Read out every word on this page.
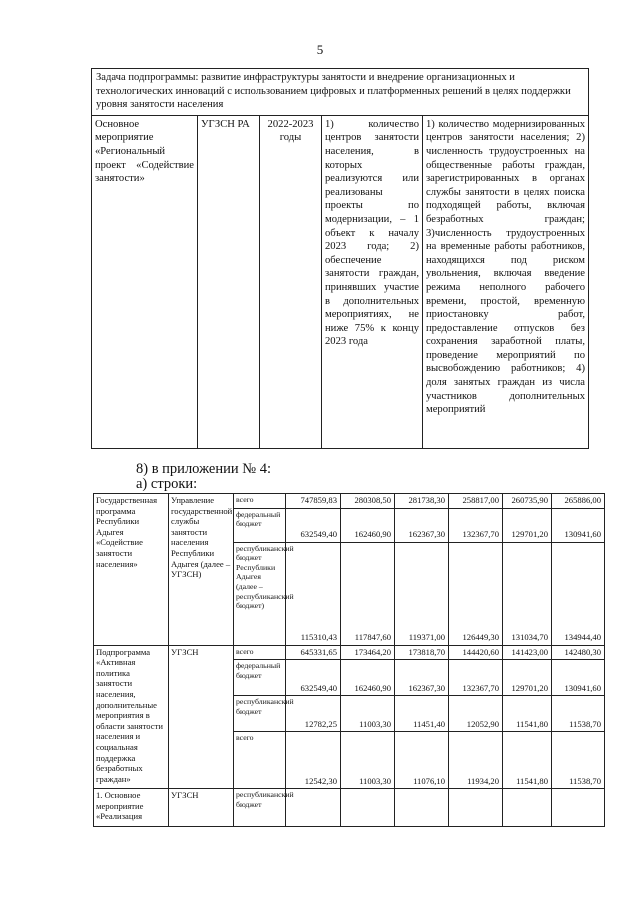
5
Задача подпрограммы: развитие инфраструктуры занятости и внедрение организационных и технологических инноваций с использованием цифровых и платформенных решений в целях поддержки уровня занятости населения
Основное мероприятие «Региональный проект «Содействие занятости»	УГЗСН РА	2022-2023 годы	1) количество центров занятости населения, в которых реализуются или реализованы проекты по модернизации, – 1 объект к началу 2023 года; 2) обеспечение занятости граждан, принявших участие в дополнительных мероприятиях, не ниже 75% к концу 2023 года	1) количество модернизированных центров занятости населения; 2) численность трудоустроенных на общественные работы граждан, зарегистрированных в органах службы занятости в целях поиска подходящей работы, включая безработных граждан; 3)численность трудоустроенных на временные работы работников, находящихся под риском увольнения, включая введение режима неполного рабочего времени, простой, временную приостановку работ, предоставление отпусков без сохранения заработной платы, проведение мероприятий по высвобождению работников; 4) доля занятых граждан из числа участников дополнительных мероприятий
8) в приложении № 4:
а) строки:
Государственная программа Республики Адыгея «Содействие занятости населения»	Управление государственной службы занятости населения Республики Адыгея (далее – УГЗСН)	всего	747859,83	280308,50	281738,30	258817,00	260735,90	265886,00
		федеральный бюджет	632549,40	162460,90	162367,30	132367,70	129701,20	130941,60
		республиканский бюджет Республики Адыгея (далее – республиканский бюджет)	115310,43	117847,60	119371,00	126449,30	131034,70	134944,40
Подпрограмма «Активная политика занятости населения, дополнительные мероприятия в области занятости населения и социальная поддержка безработных граждан»	УГЗСН	всего	645331,65	173464,20	173818,70	144420,60	141423,00	142480,30
		федеральный бюджет	632549,40	162460,90	162367,30	132367,70	129701,20	130941,60
		республиканский бюджет	12782,25	11003,30	11451,40	12052,90	11541,80	11538,70
		всего	12542,30	11003,30	11076,10	11934,20	11541,80	11538,70
1. Основное мероприятие «Реализация	УГЗСН	республиканский бюджет						
